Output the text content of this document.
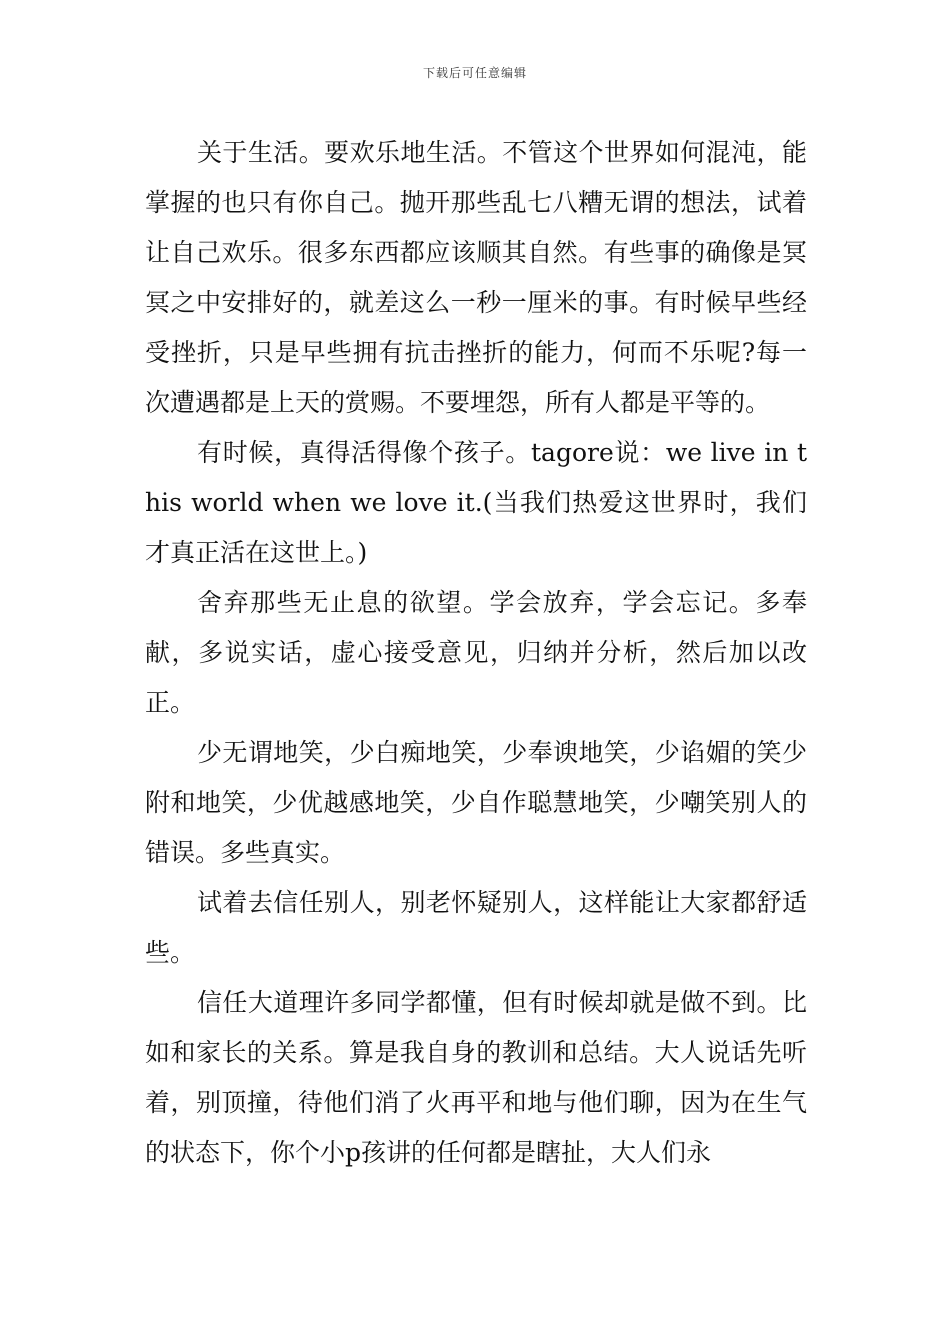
下载后可任意编辑

关于生活。要欢乐地生活。不管这个世界如何混沌，能掌握的也只有你自己。抛开那些乱七八糟无谓的想法，试着让自己欢乐。很多东西都应该顺其自然。有些事的确像是冥冥之中安排好的，就差这么一秒一厘米的事。有时候早些经受挫折，只是早些拥有抗击挫折的能力，何而不乐呢?每一次遭遇都是上天的赏赐。不要埋怨，所有人都是平等的。

有时候，真得活得像个孩子。tagore说：we live in this world when we love it.(当我们热爱这世界时，我们才真正活在这世上。)

舍弃那些无止息的欲望。学会放弃，学会忘记。多奉献，多说实话，虚心接受意见，归纳并分析，然后加以改正。

少无谓地笑，少白痴地笑，少奉谀地笑，少谄媚的笑少附和地笑，少优越感地笑，少自作聪慧地笑，少嘲笑别人的错误。多些真实。

试着去信任别人，别老怀疑别人，这样能让大家都舒适些。

信任大道理许多同学都懂，但有时候却就是做不到。比如和家长的关系。算是我自身的教训和总结。大人说话先听着，别顶撞，待他们消了火再平和地与他们聊，因为在生气的状态下，你个小p孩讲的任何都是瞎扯，大人们永
